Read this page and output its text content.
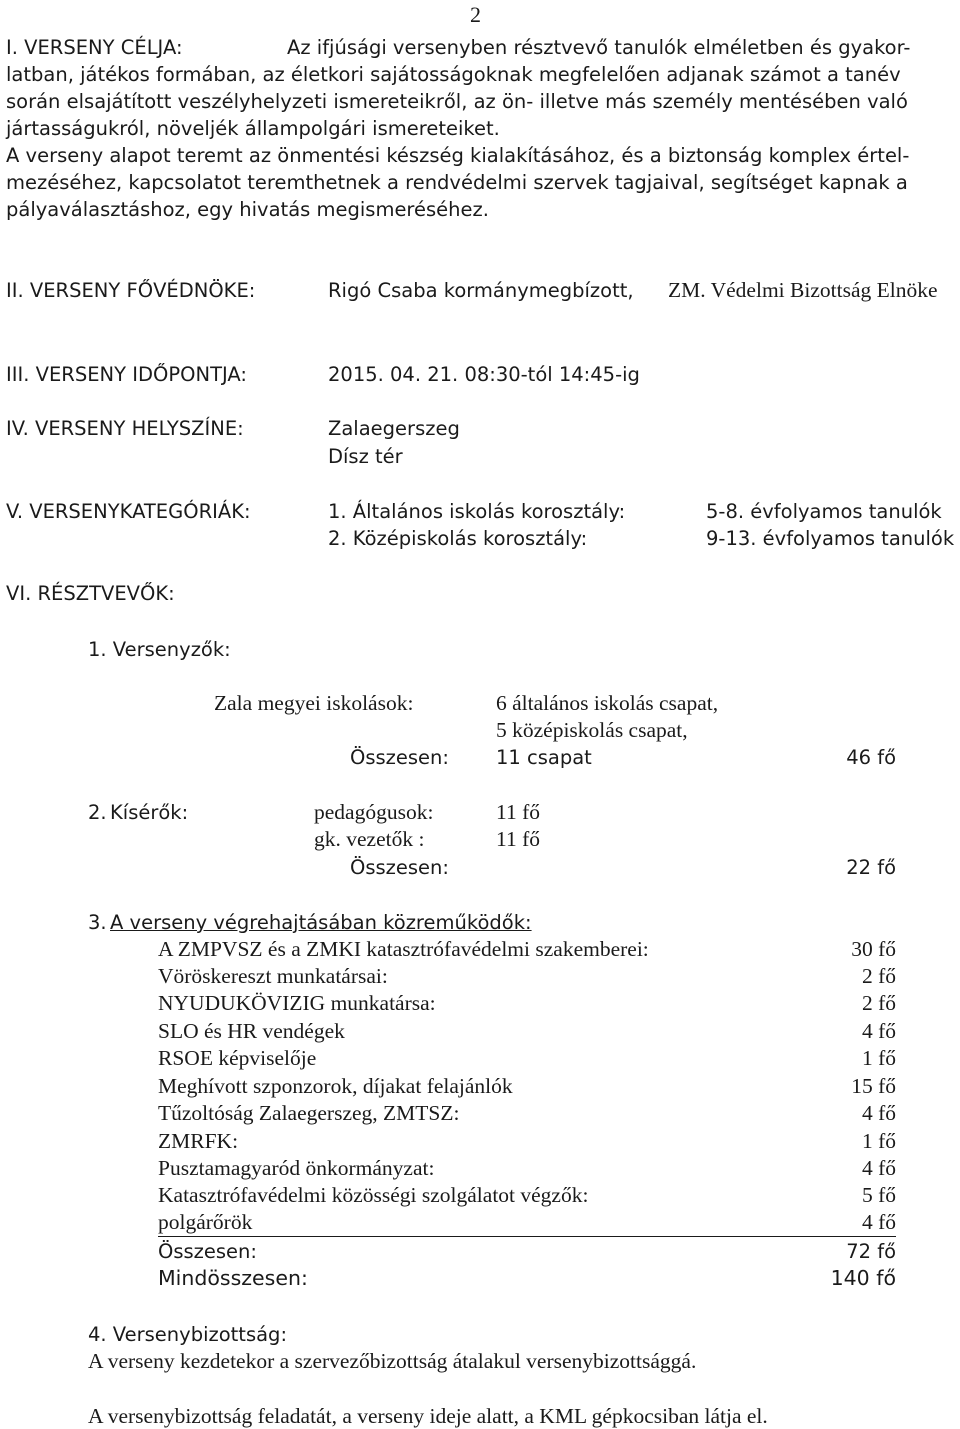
2
I. VERSENY CÉLJA:	Az ifjúsági versenyben résztvevő tanulók elméletben és gyakor-
latban, játékos formában, az életkori sajátosságoknak megfelelően adjanak számot a tanév
során elsajátított veszélyhelyzeti ismereteikről, az ön- illetve más személy mentésében való
jártasságukról, növeljék állampolgári ismereteiket.
A verseny alapot teremt az önmentési készség kialakításához, és a biztonság komplex értel-
mezéséhez, kapcsolatot teremthetnek a rendvédelmi szervek tagjaival, segítséget kapnak a
pályaválasztáshoz, egy hivatás megismeréséhez.
II. VERSENY FŐVÉDNÖKE:	Rigó Csaba kormánymegbízott, ZM. Védelmi Bizottság Elnöke
III. VERSENY IDŐPONTJA:	2015. 04. 21. 08:30-tól 14:45-ig
IV. VERSENY HELYSZÍNE:	Zalaegerszeg
Dísz tér
V. VERSENYKATEGÓRIÁK:	1. Általános iskolás korosztály:	5-8. évfolyamos tanulók
2. Középiskolás korosztály:	9-13. évfolyamos tanulók
VI. RÉSZTVEVŐK:
1. Versenyzők:
Zala megyei iskolások:	6 általános iskolás csapat,
5 középiskolás csapat,
Összesen: 11 csapat	46 fő
2. Kísérők:	pedagógusok:	11 fő
gk. vezetők :	11 fő
Összesen:	22 fő
3. A verseny végrehajtásában közreműködők:
A ZMPVSZ és a ZMKI katasztrófavédelmi szakemberei:	30 fő
Vöröskereszt munkatársai:	2 fő
NYUDUKÖVIZIG munkatársa:	2 fő
SLO és HR vendégek	4 fő
RSOE képviselője	1 fő
Meghívott szponzorok, díjakat felajánlók	15 fő
Tűzoltóság Zalaegerszeg, ZMTSZ:	4 fő
ZMRFK:	1 fő
Pusztamagyaród önkormányzat:	4 fő
Katasztrófavédelmi közösségi szolgálatot végzők:	5 fő
polgárőrök	4 fő
Összesen:	72 fő
Mindösszesen:	140 fő
4. Versenybizottság:
A verseny kezdetekor a szervezőbizottság átalakul versenybizottsággá.
A versenybizottság feladatát, a verseny ideje alatt, a KML gépkocsiban látja el.
